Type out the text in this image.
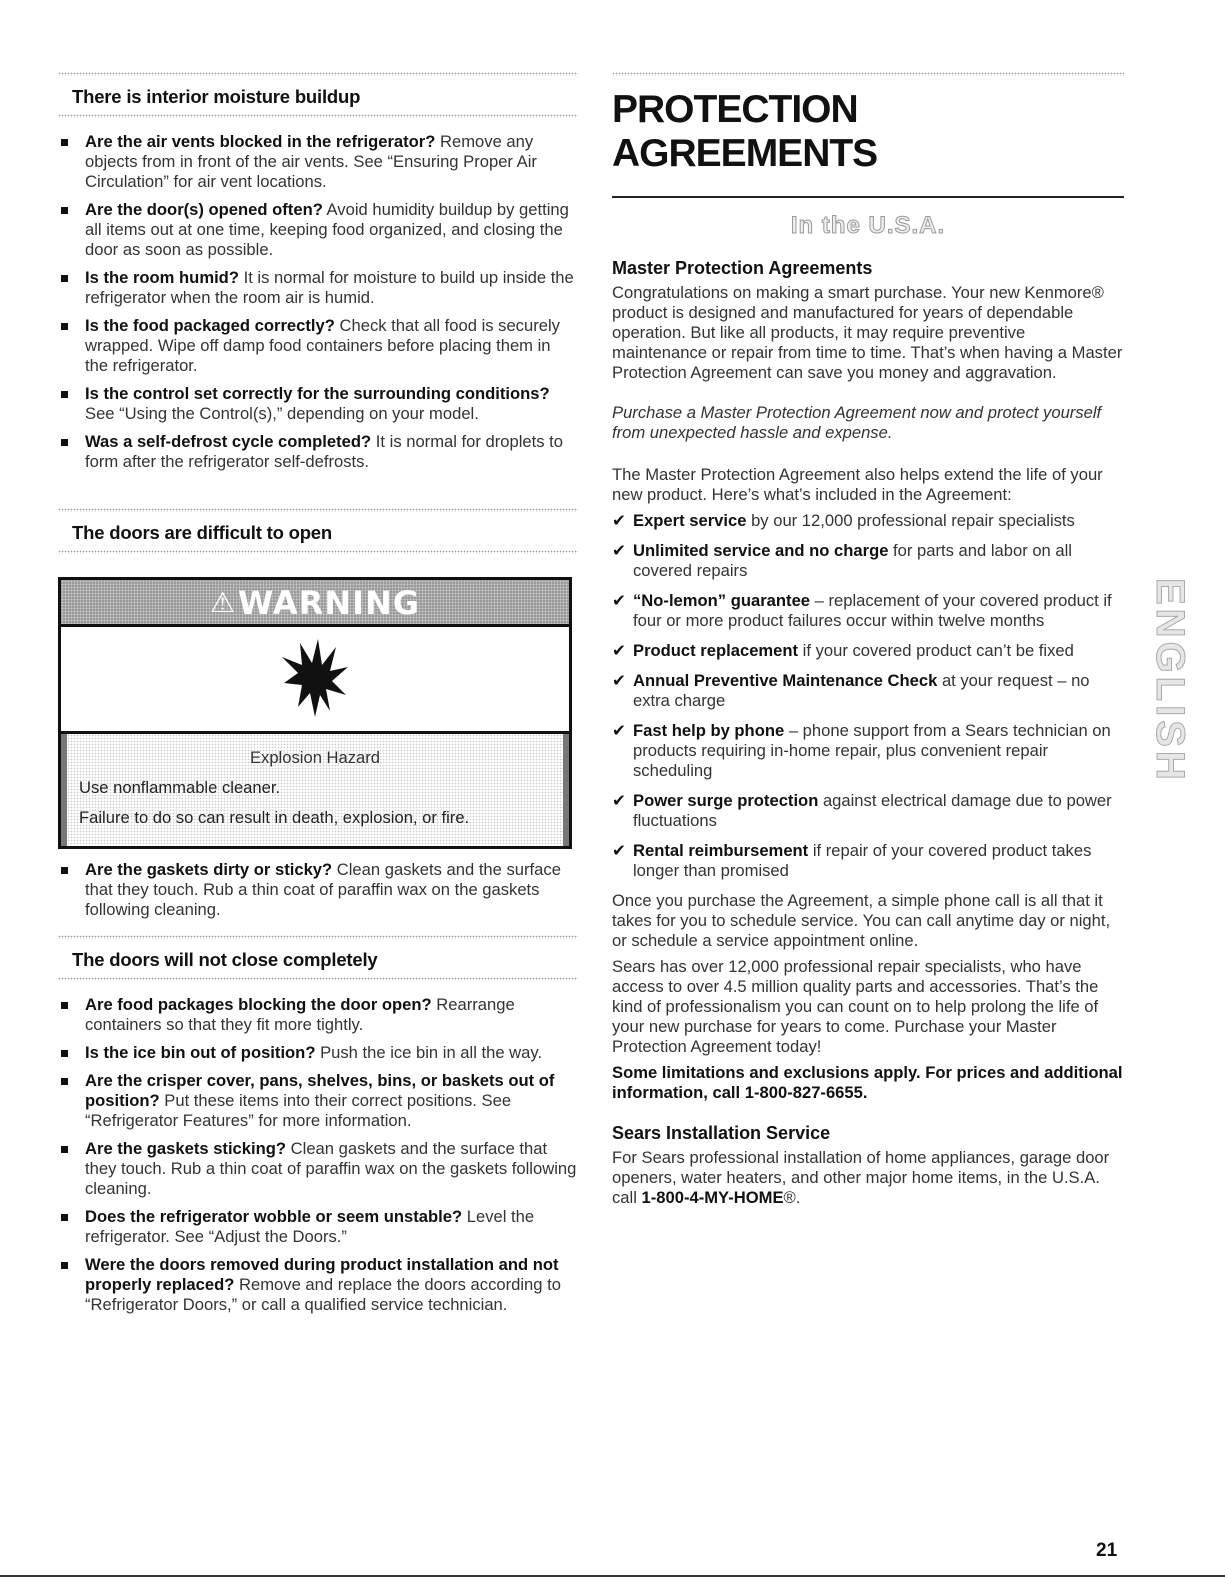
There is interior moisture buildup
Are the air vents blocked in the refrigerator? Remove any objects from in front of the air vents. See “Ensuring Proper Air Circulation” for air vent locations.
Are the door(s) opened often? Avoid humidity buildup by getting all items out at one time, keeping food organized, and closing the door as soon as possible.
Is the room humid? It is normal for moisture to build up inside the refrigerator when the room air is humid.
Is the food packaged correctly? Check that all food is securely wrapped. Wipe off damp food containers before placing them in the refrigerator.
Is the control set correctly for the surrounding conditions? See “Using the Control(s),” depending on your model.
Was a self-defrost cycle completed? It is normal for droplets to form after the refrigerator self-defrosts.
The doors are difficult to open
⚠WARNING
Explosion Hazard
Use nonflammable cleaner.
Failure to do so can result in death, explosion, or fire.
Are the gaskets dirty or sticky? Clean gaskets and the surface that they touch. Rub a thin coat of paraffin wax on the gaskets following cleaning.
The doors will not close completely
Are food packages blocking the door open? Rearrange containers so that they fit more tightly.
Is the ice bin out of position? Push the ice bin in all the way.
Are the crisper cover, pans, shelves, bins, or baskets out of position? Put these items into their correct positions. See “Refrigerator Features” for more information.
Are the gaskets sticking? Clean gaskets and the surface that they touch. Rub a thin coat of paraffin wax on the gaskets following cleaning.
Does the refrigerator wobble or seem unstable? Level the refrigerator. See “Adjust the Doors.”
Were the doors removed during product installation and not properly replaced? Remove and replace the doors according to “Refrigerator Doors,” or call a qualified service technician.
PROTECTION AGREEMENTS
In the U.S.A.
Master Protection Agreements

Congratulations on making a smart purchase. Your new Kenmore® product is designed and manufactured for years of dependable operation. But like all products, it may require preventive maintenance or repair from time to time. That’s when having a Master Protection Agreement can save you money and aggravation.

Purchase a Master Protection Agreement now and protect yourself from unexpected hassle and expense.

The Master Protection Agreement also helps extend the life of your new product. Here’s what’s included in the Agreement:

✔ Expert service by our 12,000 professional repair specialists
✔ Unlimited service and no charge for parts and labor on all covered repairs
✔ “No-lemon” guarantee – replacement of your covered product if four or more product failures occur within twelve months
✔ Product replacement if your covered product can’t be fixed
✔ Annual Preventive Maintenance Check at your request – no extra charge
✔ Fast help by phone – phone support from a Sears technician on products requiring in-home repair, plus convenient repair scheduling
✔ Power surge protection against electrical damage due to power fluctuations
✔ Rental reimbursement if repair of your covered product takes longer than promised

Once you purchase the Agreement, a simple phone call is all that it takes for you to schedule service. You can call anytime day or night, or schedule a service appointment online.

Sears has over 12,000 professional repair specialists, who have access to over 4.5 million quality parts and accessories. That’s the kind of professionalism you can count on to help prolong the life of your new purchase for years to come. Purchase your Master Protection Agreement today!

Some limitations and exclusions apply. For prices and additional information, call 1-800-827-6655.

Sears Installation Service

For Sears professional installation of home appliances, garage door openers, water heaters, and other major home items, in the U.S.A. call 1-800-4-MY-HOME®.

ENGLISH
21
